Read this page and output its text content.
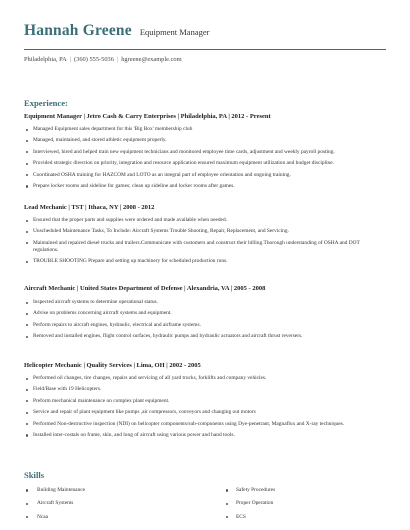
Hannah Greene Equipment Manager
Philadelphia, PA | (360) 555-5036 | hgreene@example.com
Experience:
Equipment Manager | Jetro Cash & Carry Enterprises | Philadelphia, PA | 2012 - Present
Managed Equipment sales department for this 'Big Box' membership club
Managed, maintained, and stored athletic equipment properly.
Interviewed, hired and helped train new equipment technicians and monitored employee time cards, adjustment and weekly payroll posting.
Provided strategic direction on priority, integration and resource application ensured maximum equipment utilization and budget discipline.
Coordinated OSHA training for HAZCOM and LOTO as an integral part of employee orientation and ongoing training.
Prepare locker rooms and sideline for games; clean up sideline and locker rooms after games.
Lead Mechanic | TST | Ithaca, NY | 2008 - 2012
Ensured that the proper parts and supplies were ordered and made available when needed.
Unscheduled Maintenance Tasks, To Include: Aircraft Systems Trouble Shooting, Repair, Replacement, and Servicing.
Maintained and repaired diesel trucks and trailers.Communicate with customers and construct their billing.Thorough understanding of OSHA and DOT regulations.
TROUBLE SHOOTING Prepare and setting up machinery for scheduled production runs.
Aircraft Mechanic | United States Department of Defense | Alexandria, VA | 2005 - 2008
Inspected aircraft systems to determine operational status.
Advise on problems concerning aircraft systems and equipment.
Perform repairs to aircraft engines, hydraulic, electrical and airframe systems.
Removed and installed engines, flight control surfaces, hydraulic pumps and hydraulic actuators and aircraft thrust reversers.
Helicopter Mechanic | Quality Services | Lima, OH | 2002 - 2005
Performed oil changes, tire changes, repairs and servicing of all yard trucks, forklifts and company vehicles.
Field/Base with 19 Helicopters.
Preform mechanical maintenance on complex plant equipment.
Service and repair of plant equipment like pumps ,air compressors, conveyors and changing out motors
Performed Non-destructive inspection (NDI) on helicopter components/sub-components using Dye-penetrant, Magnaflux and X-ray techniques.
Installed inter-costals on frame, skin, and long of aircraft using various power and hand tools.
Skills
Building Maintenance	Safety Procedures
Aircraft Systems	Proper Operation
Ncaa	ECS
